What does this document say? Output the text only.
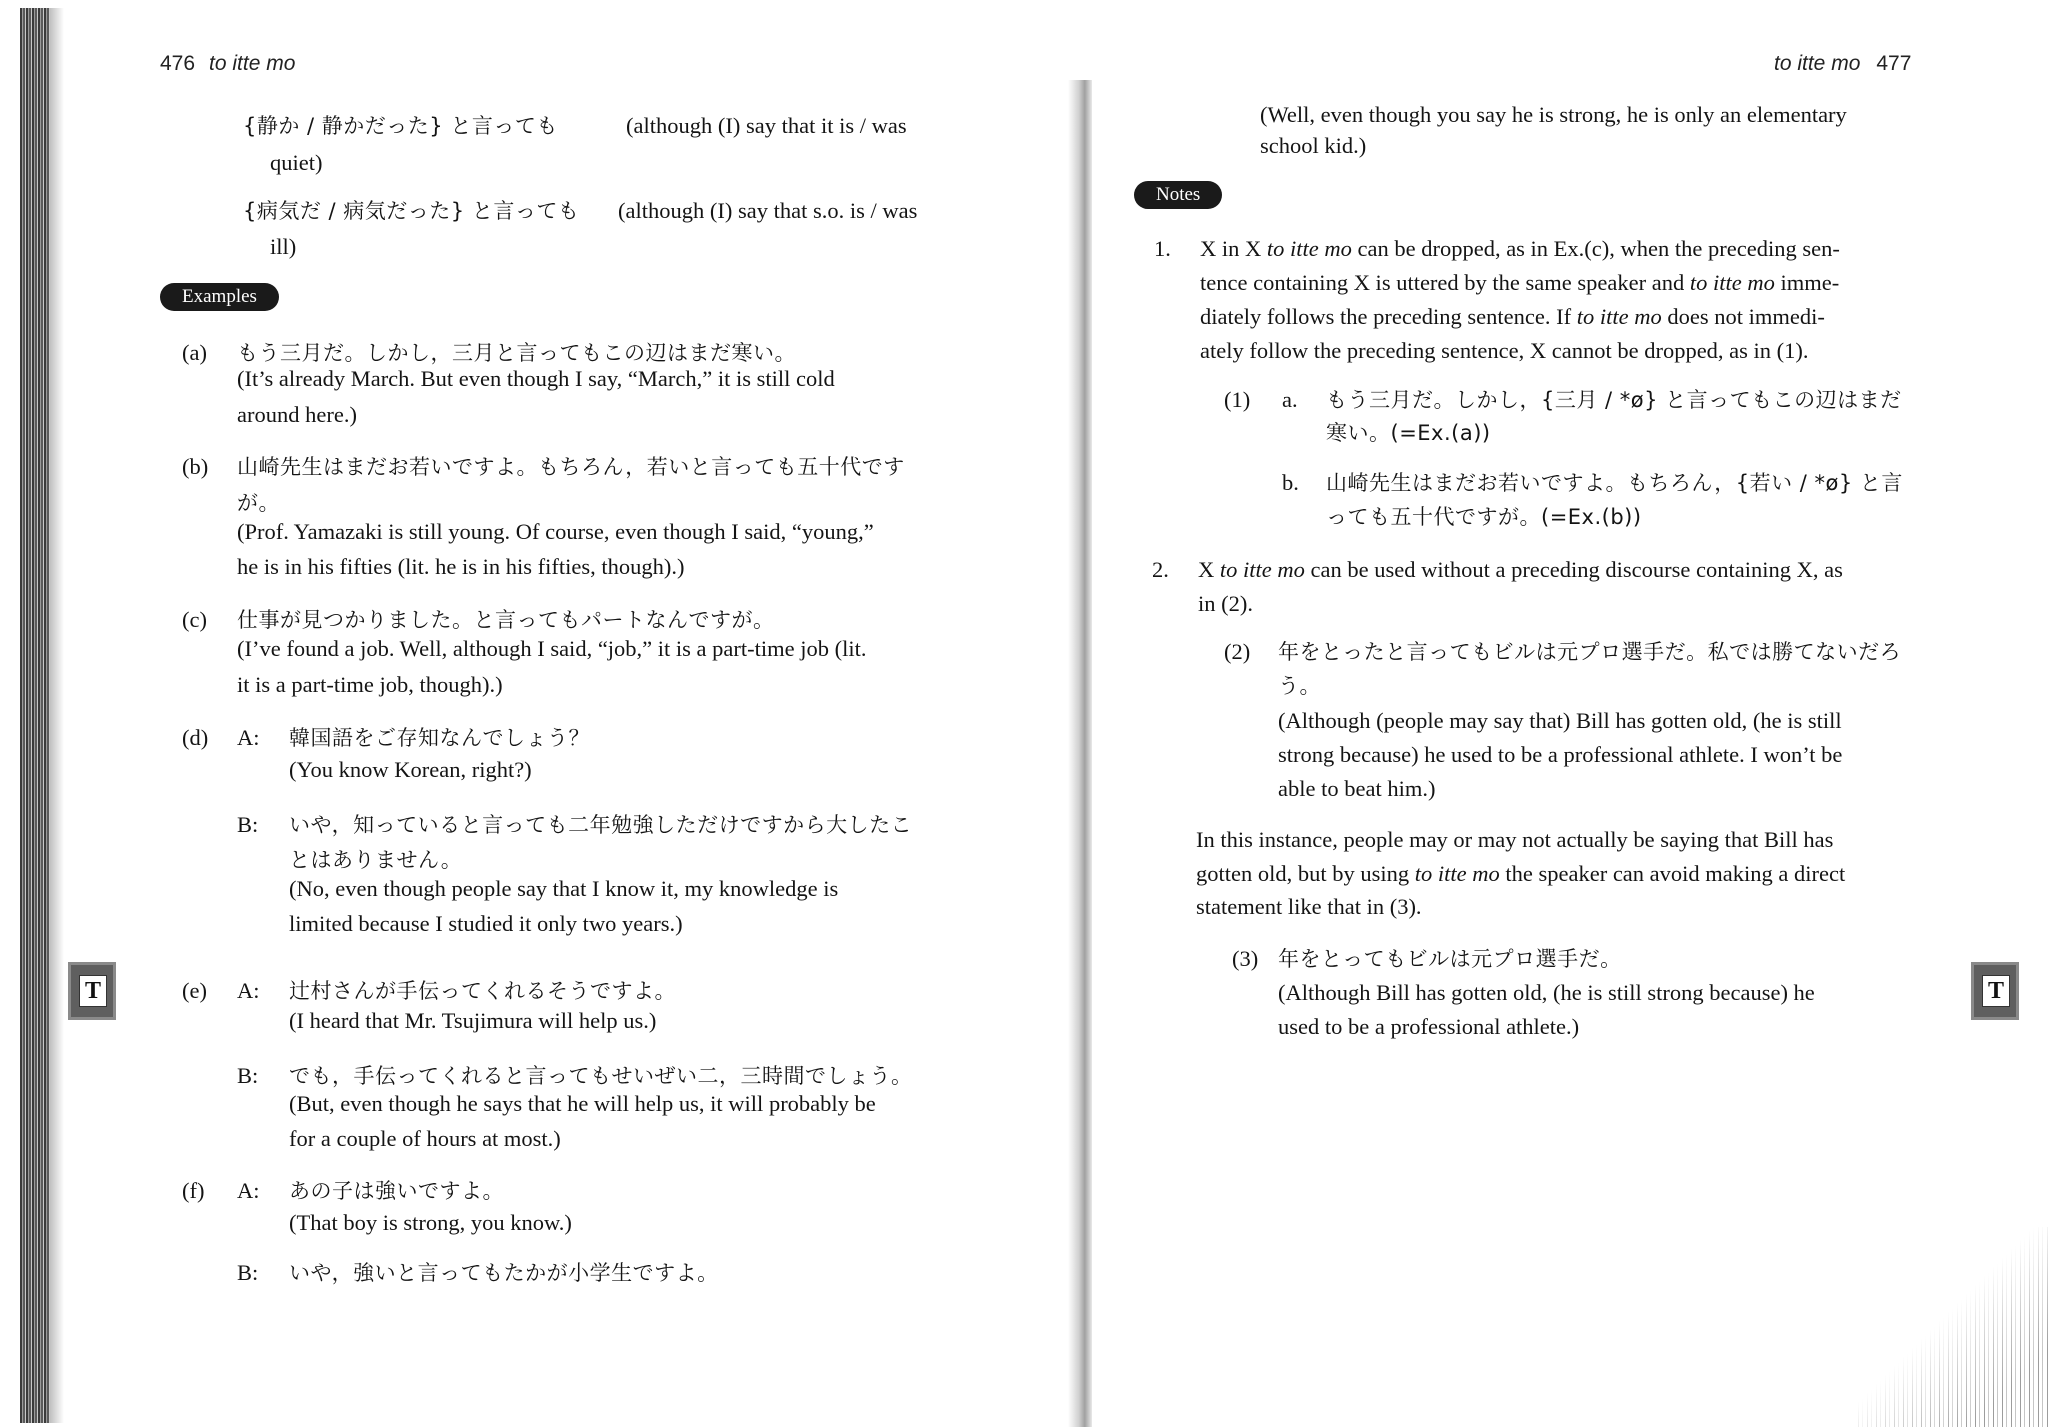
476 to itte mo
{静か / 静かだった} と言っても	(although (I) say that it is / was
quiet)
{病気だ / 病気だった} と言っても (although (I) say that s.o. is / was
ill)
Examples
(a) もう三月だ。しかし，三月と言ってもこの辺はまだ寒い。
(It’s already March. But even though I say, “March,” it is still cold
around here.)
(b) 山崎先生はまだお若いですよ。もちろん，若いと言っても五十代です
が。
(Prof. Yamazaki is still young. Of course, even though I said, “young,”
he is in his fifties (lit. he is in his fifties, though).)
(c) 仕事が見つかりました。と言ってもパートなんですが。
(I’ve found a job. Well, although I said, “job,” it is a part-time job (lit.
it is a part-time job, though).)
(d) A: 韓国語をご存知なんでしょう？
(You know Korean, right?)
B: いや，知っていると言っても二年勉強しただけですから大したこ
とはありません。
(No, even though people say that I know it, my knowledge is
limited because I studied it only two years.)
(e) A: 辻村さんが手伝ってくれるそうですよ。
(I heard that Mr. Tsujimura will help us.)
B: でも，手伝ってくれると言ってもせいぜい二，三時間でしょう。
(But, even though he says that he will help us, it will probably be
for a couple of hours at most.)
(f) A: あの子は強いですよ。
(That boy is strong, you know.)
B: いや，強いと言ってもたかが小学生ですよ。
T
to itte mo 477
(Well, even though you say he is strong, he is only an elementary
school kid.)
Notes
1. X in X to itte mo can be dropped, as in Ex.(c), when the preceding sen-
tence containing X is uttered by the same speaker and to itte mo imme-
diately follows the preceding sentence. If to itte mo does not immedi-
ately follow the preceding sentence, X cannot be dropped, as in (1).
(1) a. もう三月だ。しかし，{三月 / *ø} と言ってもこの辺はまだ
寒い。(=Ex.(a))
b. 山崎先生はまだお若いですよ。もちろん，{若い / *ø} と言
っても五十代ですが。(=Ex.(b))
2. X to itte mo can be used without a preceding discourse containing X, as
in (2).
(2) 年をとったと言ってもビルは元プロ選手だ。私では勝てないだろ
う。
(Although (people may say that) Bill has gotten old, (he is still
strong because) he used to be a professional athlete. I won’t be
able to beat him.)
In this instance, people may or may not actually be saying that Bill has
gotten old, but by using to itte mo the speaker can avoid making a direct
statement like that in (3).
(3) 年をとってもビルは元プロ選手だ。
(Although Bill has gotten old, (he is still strong because) he
used to be a professional athlete.)
T
